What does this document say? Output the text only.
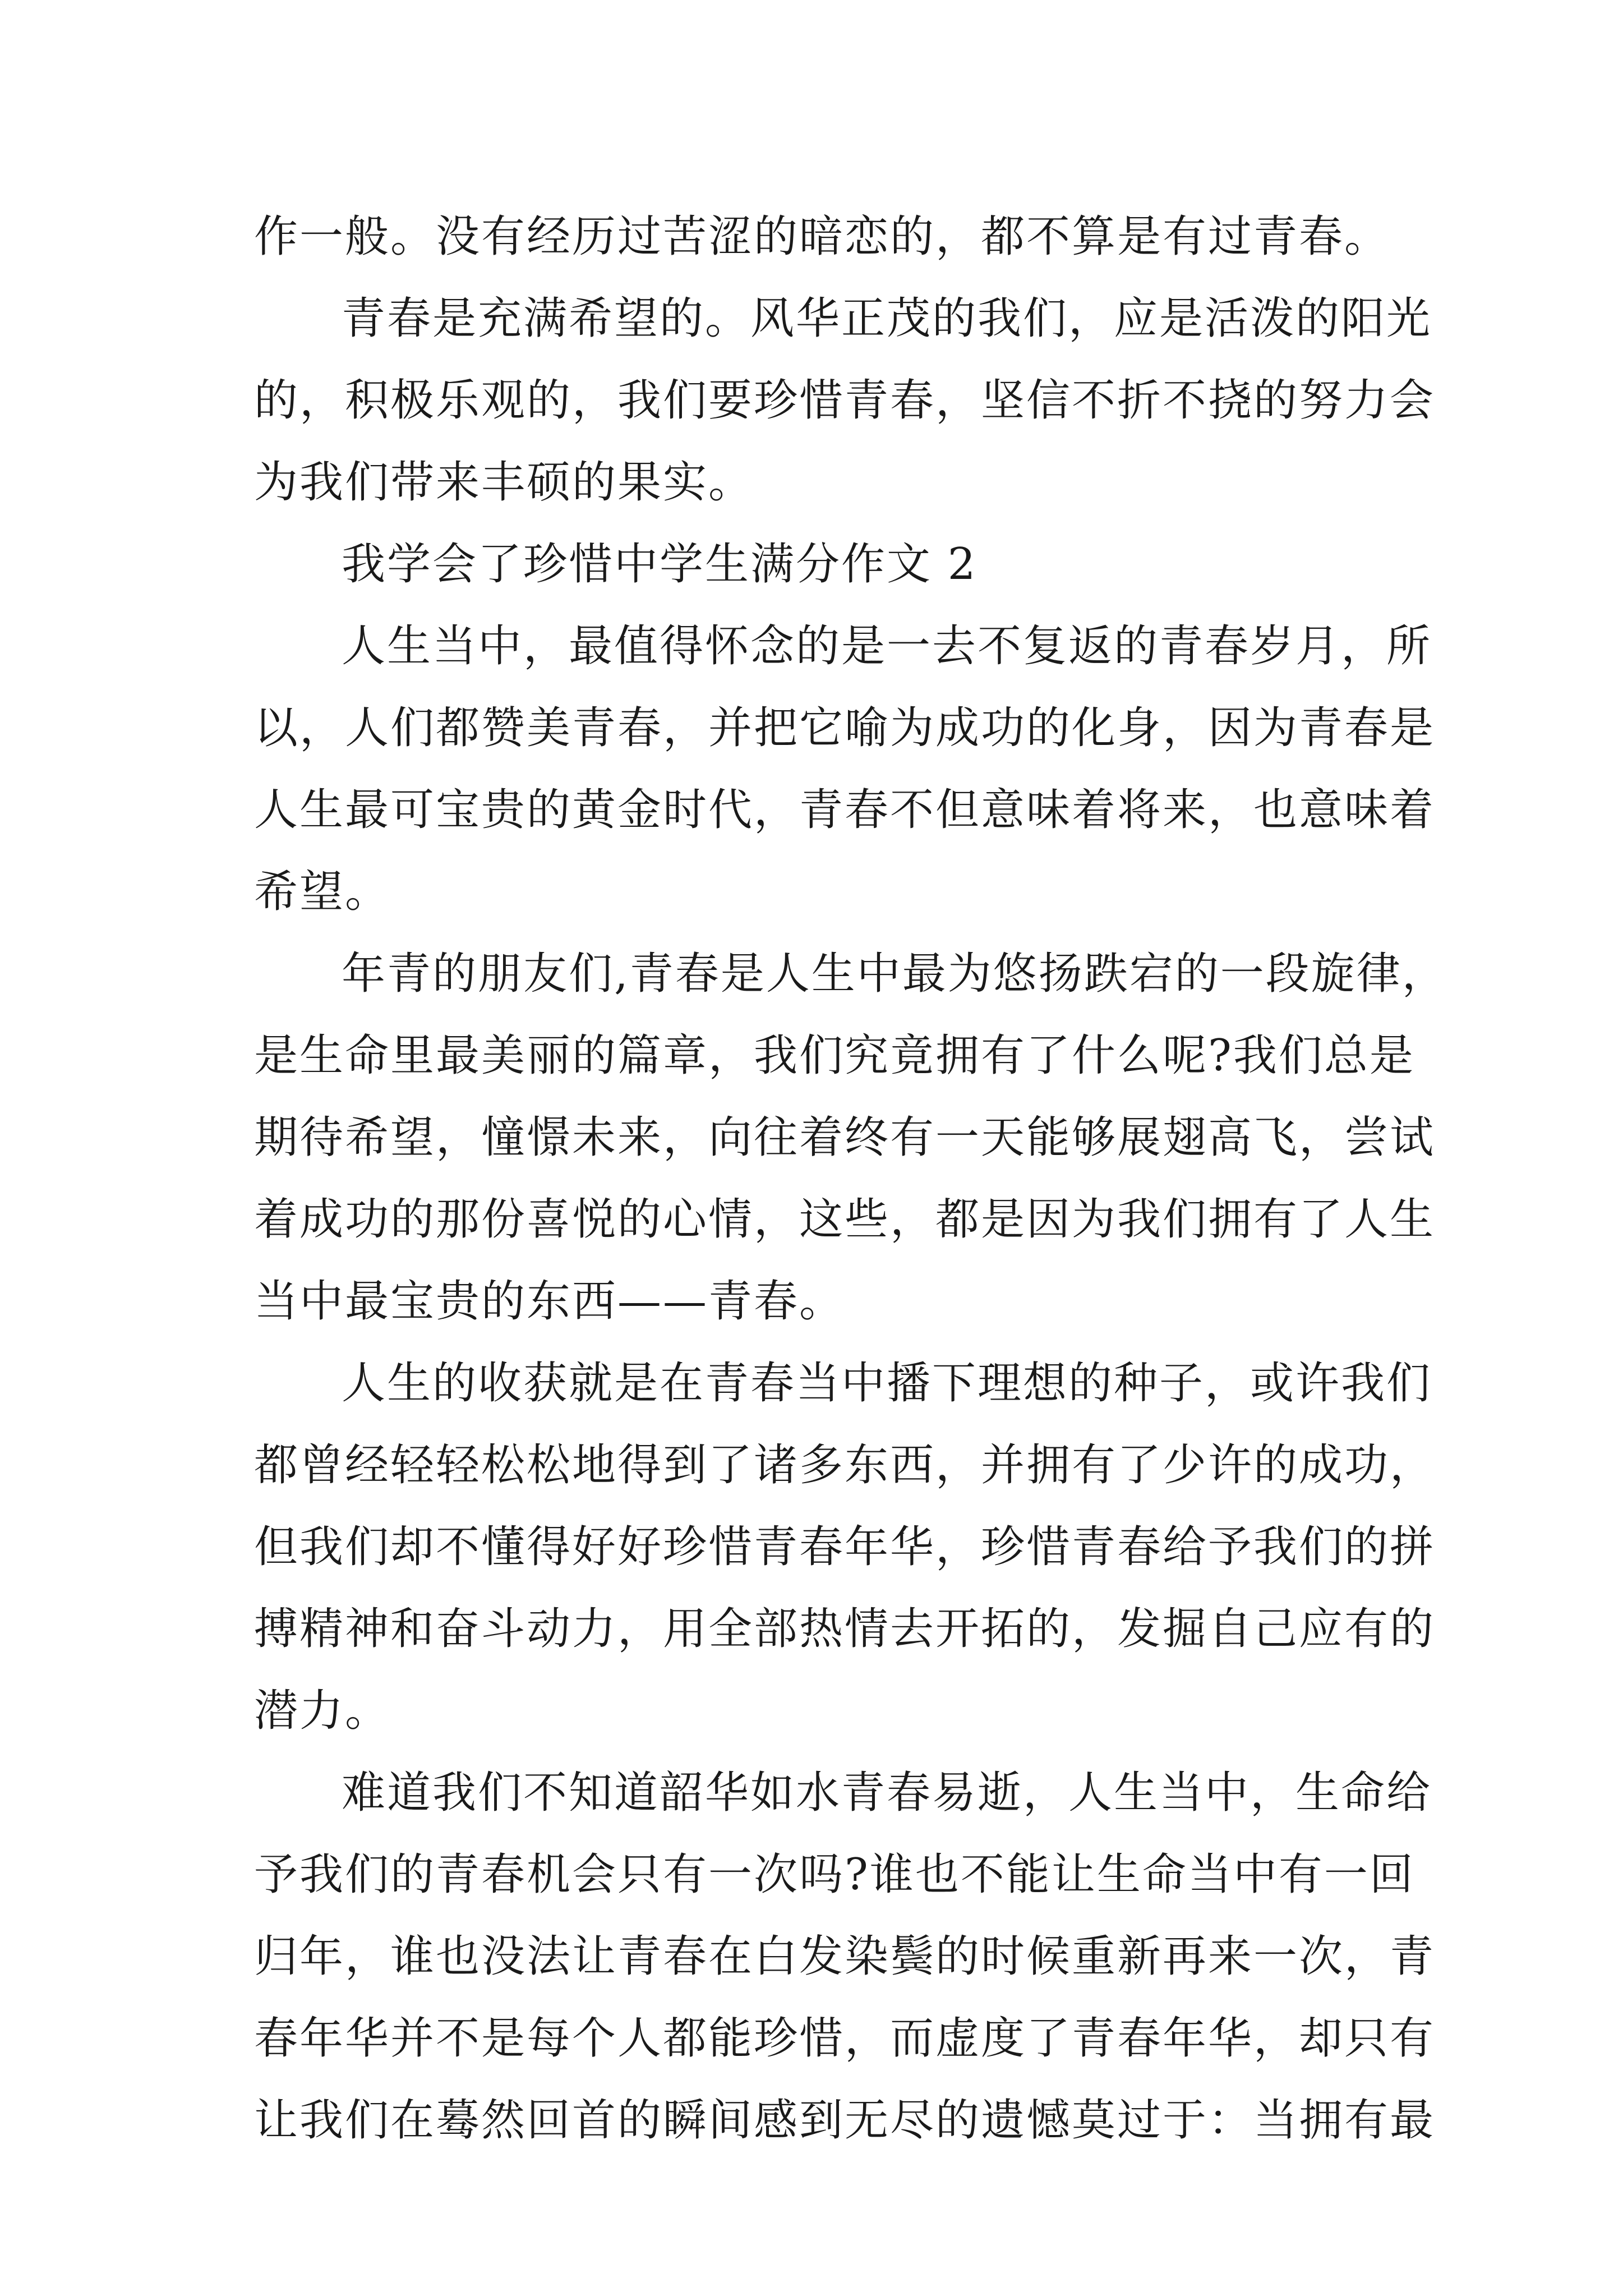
作一般。没有经历过苦涩的暗恋的，都不算是有过青春。
青春是充满希望的。风华正茂的我们，应是活泼的阳光
的，积极乐观的，我们要珍惜青春，坚信不折不挠的努力会
为我们带来丰硕的果实。
我学会了珍惜中学生满分作文 2
人生当中，最值得怀念的是一去不复返的青春岁月，所
以，人们都赞美青春，并把它喻为成功的化身，因为青春是
人生最可宝贵的黄金时代，青春不但意味着将来，也意味着
希望。
年青的朋友们,青春是人生中最为悠扬跌宕的一段旋律，
是生命里最美丽的篇章，我们究竟拥有了什么呢?我们总是
期待希望，憧憬未来，向往着终有一天能够展翅高飞，尝试
着成功的那份喜悦的心情，这些，都是因为我们拥有了人生
当中最宝贵的东西——青春。
人生的收获就是在青春当中播下理想的种子，或许我们
都曾经轻轻松松地得到了诸多东西，并拥有了少许的成功，
但我们却不懂得好好珍惜青春年华，珍惜青春给予我们的拼
搏精神和奋斗动力，用全部热情去开拓的，发掘自己应有的
潜力。
难道我们不知道韶华如水青春易逝，人生当中，生命给
予我们的青春机会只有一次吗?谁也不能让生命当中有一回
归年，谁也没法让青春在白发染鬓的时候重新再来一次，青
春年华并不是每个人都能珍惜，而虚度了青春年华，却只有
让我们在蓦然回首的瞬间感到无尽的遗憾莫过于：当拥有最
